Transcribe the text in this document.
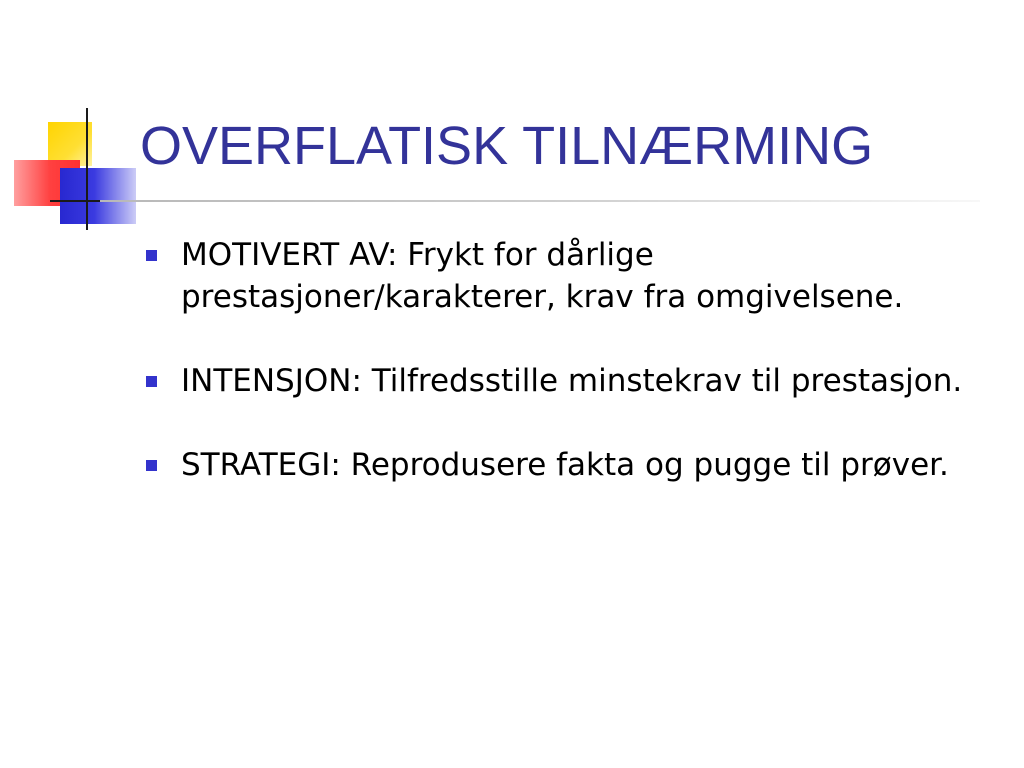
OVERFLATISK TILNÆRMING
MOTIVERT AV: Frykt for dårlige prestasjoner/karakterer, krav fra omgivelsene.
INTENSJON: Tilfredsstille minstekrav til prestasjon.
STRATEGI: Reprodusere fakta og pugge til prøver.
